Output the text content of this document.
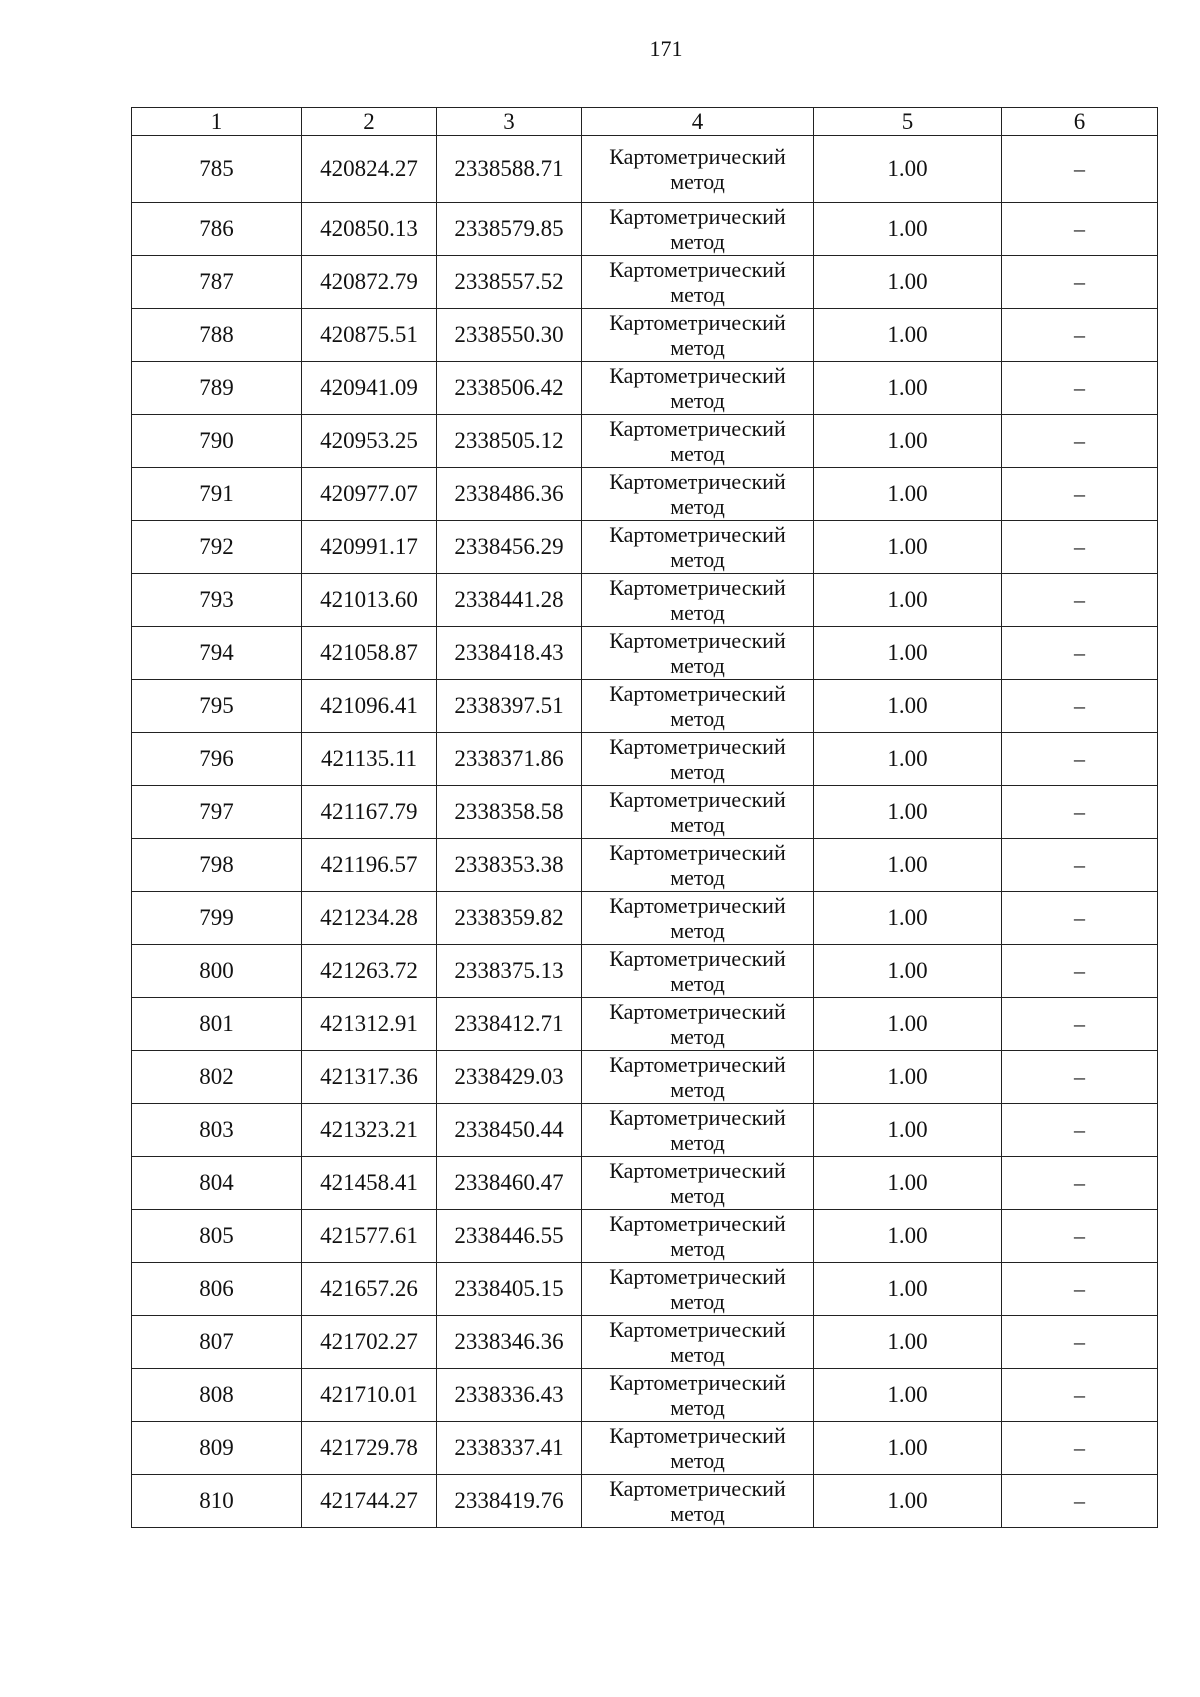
171
1	2	3	4	5	6
785	420824.27	2338588.71	Картометрический метод	1.00	–
786	420850.13	2338579.85	Картометрический метод	1.00	–
787	420872.79	2338557.52	Картометрический метод	1.00	–
788	420875.51	2338550.30	Картометрический метод	1.00	–
789	420941.09	2338506.42	Картометрический метод	1.00	–
790	420953.25	2338505.12	Картометрический метод	1.00	–
791	420977.07	2338486.36	Картометрический метод	1.00	–
792	420991.17	2338456.29	Картометрический метод	1.00	–
793	421013.60	2338441.28	Картометрический метод	1.00	–
794	421058.87	2338418.43	Картометрический метод	1.00	–
795	421096.41	2338397.51	Картометрический метод	1.00	–
796	421135.11	2338371.86	Картометрический метод	1.00	–
797	421167.79	2338358.58	Картометрический метод	1.00	–
798	421196.57	2338353.38	Картометрический метод	1.00	–
799	421234.28	2338359.82	Картометрический метод	1.00	–
800	421263.72	2338375.13	Картометрический метод	1.00	–
801	421312.91	2338412.71	Картометрический метод	1.00	–
802	421317.36	2338429.03	Картометрический метод	1.00	–
803	421323.21	2338450.44	Картометрический метод	1.00	–
804	421458.41	2338460.47	Картометрический метод	1.00	–
805	421577.61	2338446.55	Картометрический метод	1.00	–
806	421657.26	2338405.15	Картометрический метод	1.00	–
807	421702.27	2338346.36	Картометрический метод	1.00	–
808	421710.01	2338336.43	Картометрический метод	1.00	–
809	421729.78	2338337.41	Картометрический метод	1.00	–
810	421744.27	2338419.76	Картометрический метод	1.00	–
